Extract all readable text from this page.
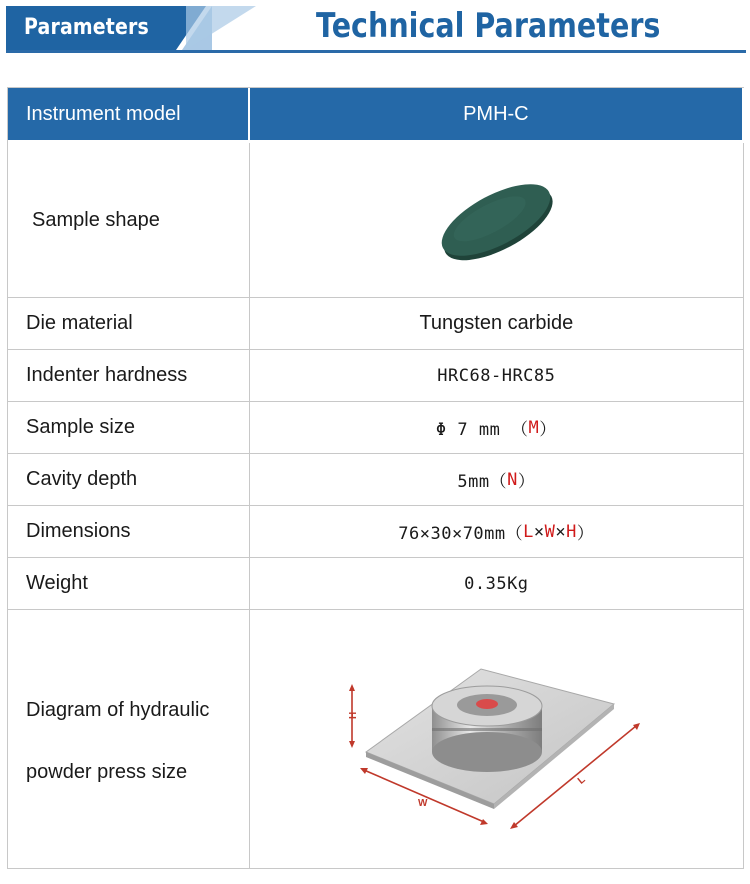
Parameters	Technical Parameters
Instrument model	PMH-C
Sample shape
Die material	Tungsten carbide
Indenter hardness	HRC68-HRC85
Sample size	Φ 7 mm （ M ）
Cavity depth	5mm（ N ）
Dimensions	76×30×70mm（ L × W × H ）
Weight	0.35Kg
Diagram of hydraulic
powder press size
H
W
L
